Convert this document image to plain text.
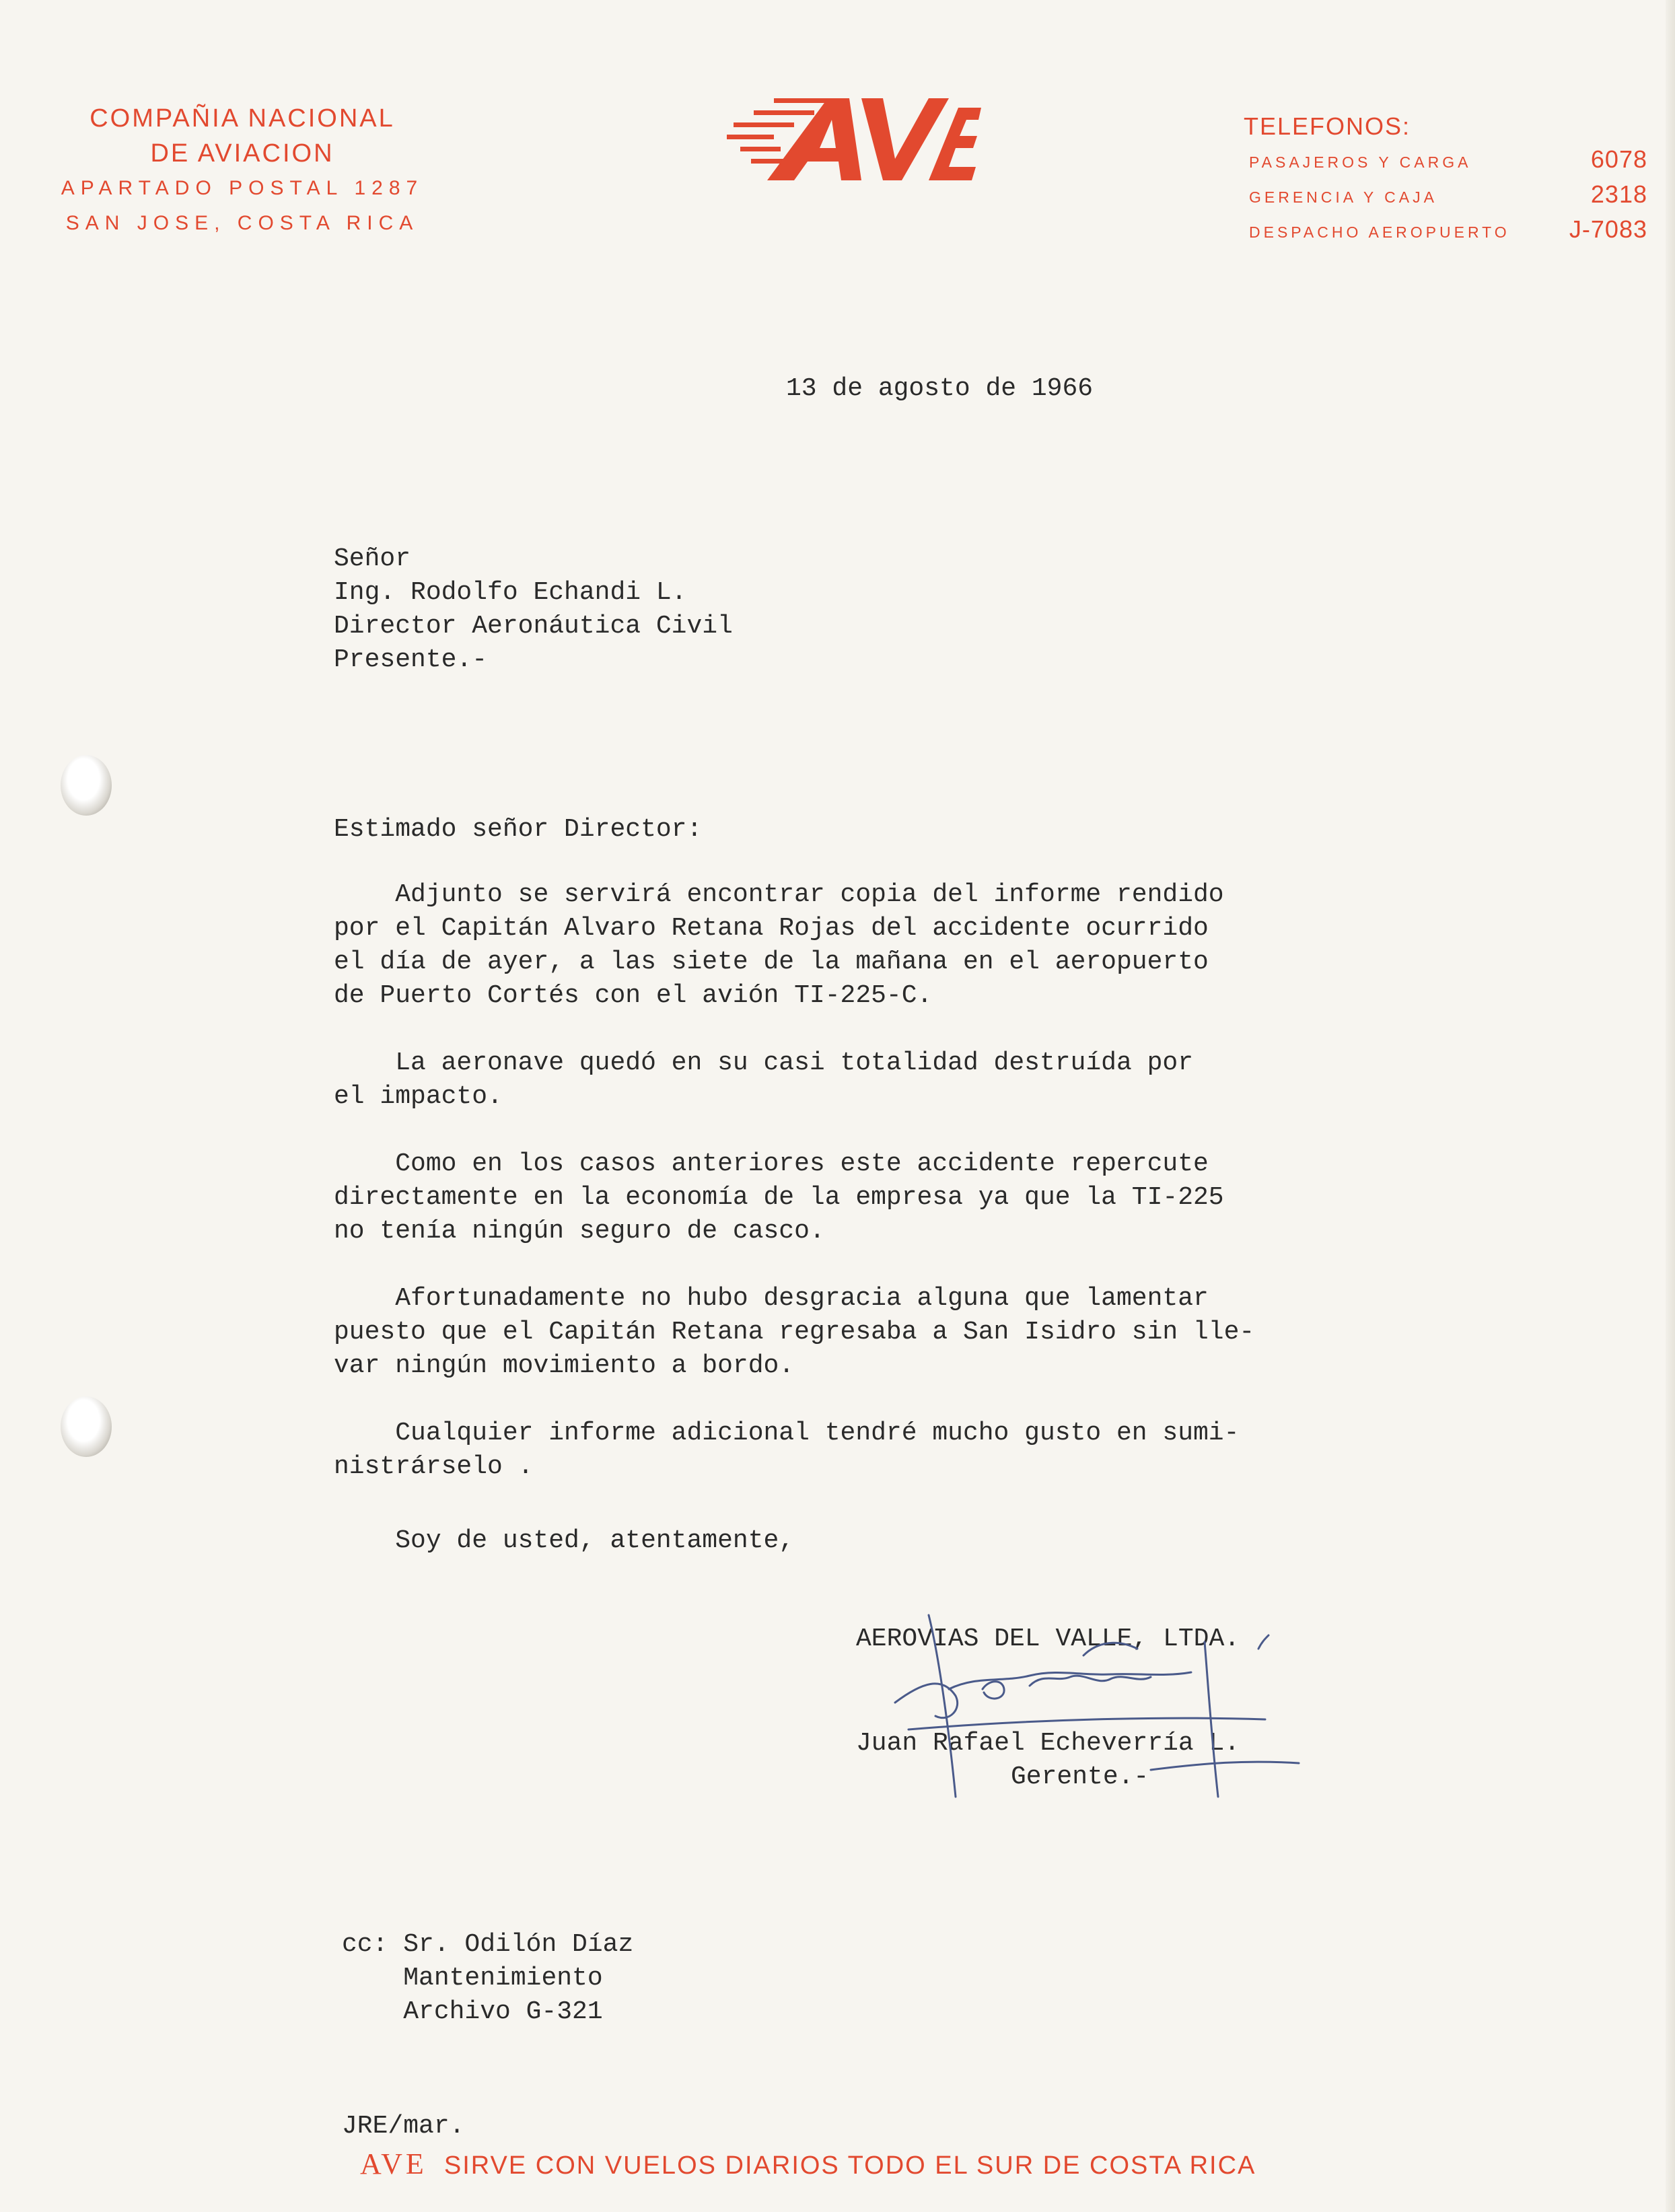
COMPAÑIA NACIONAL
DE AVIACION
APARTADO POSTAL 1287
SAN JOSE, COSTA RICA
TELEFONOS:
PASAJEROS Y CARGA	6078
GERENCIA Y CAJA	2318
DESPACHO AEROPUERTO J-7083
13 de agosto de 1966
Señor
Ing. Rodolfo Echandi L.
Director Aeronáutica Civil
Presente.-
Estimado señor Director:
Adjunto se servirá encontrar copia del informe rendido
por el Capitán Alvaro Retana Rojas del accidente ocurrido
el día de ayer, a las siete de la mañana en el aeropuerto
de Puerto Cortés con el avión TI-225-C.
La aeronave quedó en su casi totalidad destruída por
el impacto.
Como en los casos anteriores este accidente repercute
directamente en la economía de la empresa ya que la TI-225
no tenía ningún seguro de casco.
Afortunadamente no hubo desgracia alguna que lamentar
puesto que el Capitán Retana regresaba a San Isidro sin lle-
var ningún movimiento a bordo.
Cualquier informe adicional tendré mucho gusto en sumi-
nistrárselo .
Soy de usted, atentamente,
AEROVIAS DEL VALLE, LTDA.
Juan Rafael Echeverría L.
Gerente.-
cc: Sr. Odilón Díaz
Mantenimiento
Archivo G-321
JRE/mar.
AVE SIRVE CON VUELOS DIARIOS TODO EL SUR DE COSTA RICA
